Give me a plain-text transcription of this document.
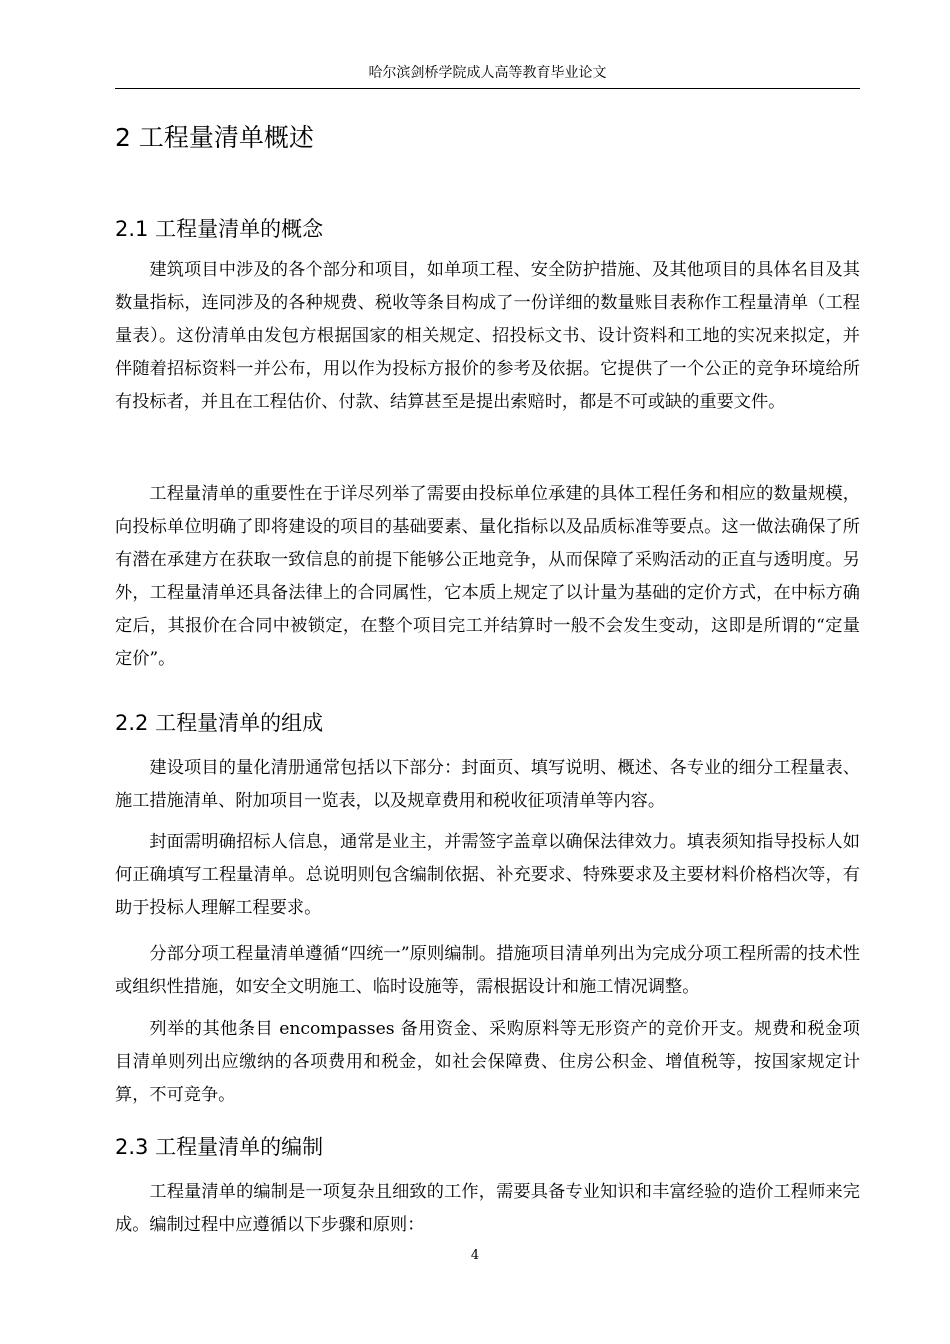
哈尔滨剑桥学院成人高等教育毕业论文
2 工程量清单概述
2.1 工程量清单的概念

建筑项目中涉及的各个部分和项目，如单项工程、安全防护措施、及其他项目的具体名目及其数量指标，连同涉及的各种规费、税收等条目构成了一份详细的数量账目表称作工程量清单（工程量表）。这份清单由发包方根据国家的相关规定、招投标文书、设计资料和工地的实况来拟定，并伴随着招标资料一并公布，用以作为投标方报价的参考及依据。它提供了一个公正的竞争环境给所有投标者，并且在工程估价、付款、结算甚至是提出索赔时，都是不可或缺的重要文件。

工程量清单的重要性在于详尽列举了需要由投标单位承建的具体工程任务和相应的数量规模，向投标单位明确了即将建设的项目的基础要素、量化指标以及品质标准等要点。这一做法确保了所有潜在承建方在获取一致信息的前提下能够公正地竞争，从而保障了采购活动的正直与透明度。另外，工程量清单还具备法律上的合同属性，它本质上规定了以计量为基础的定价方式，在中标方确定后，其报价在合同中被锁定，在整个项目完工并结算时一般不会发生变动，这即是所谓的“定量定价”。

2.2 工程量清单的组成

建设项目的量化清册通常包括以下部分：封面页、填写说明、概述、各专业的细分工程量表、施工措施清单、附加项目一览表，以及规章费用和税收征项清单等内容。

封面需明确招标人信息，通常是业主，并需签字盖章以确保法律效力。填表须知指导投标人如何正确填写工程量清单。总说明则包含编制依据、补充要求、特殊要求及主要材料价格档次等，有助于投标人理解工程要求。

分部分项工程量清单遵循“四统一”原则编制。措施项目清单列出为完成分项工程所需的技术性或组织性措施，如安全文明施工、临时设施等，需根据设计和施工情况调整。

列举的其他条目 encompasses 备用资金、采购原料等无形资产的竞价开支。规费和税金项目清单则列出应缴纳的各项费用和税金，如社会保障费、住房公积金、增值税等，按国家规定计算，不可竞争。

2.3 工程量清单的编制

工程量清单的编制是一项复杂且细致的工作，需要具备专业知识和丰富经验的造价工程师来完成。编制过程中应遵循以下步骤和原则：

4
